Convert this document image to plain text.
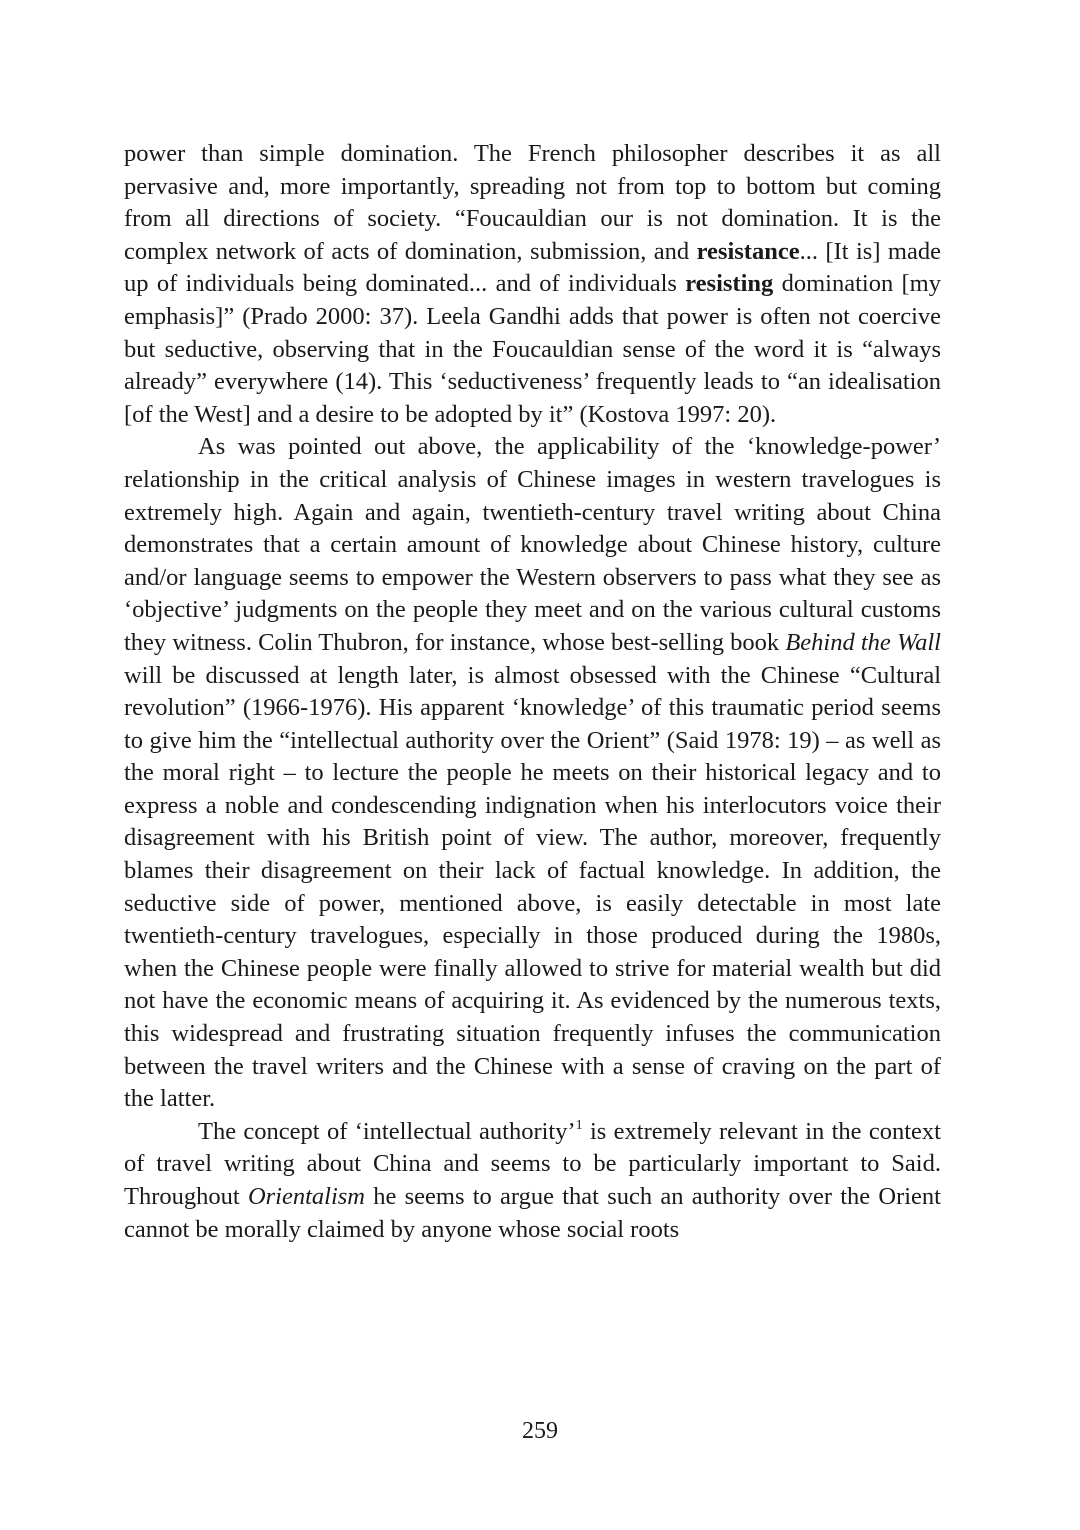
power than simple domination. The French philosopher describes it as all pervasive and, more importantly, spreading not from top to bottom but coming from all directions of society. “Foucauldian our is not domination. It is the complex network of acts of domination, submission, and resistance... [It is] made up of individuals being dominated... and of individuals resisting domination [my emphasis]” (Prado 2000: 37). Leela Gandhi adds that power is often not coercive but seductive, observing that in the Foucauldian sense of the word it is “always already” everywhere (14). This ‘seductiveness’ frequently leads to “an idealisation [of the West] and a desire to be adopted by it” (Kostova 1997: 20).

As was pointed out above, the applicability of the ‘knowledge-power’ relationship in the critical analysis of Chinese images in western travelogues is extremely high. Again and again, twentieth-century travel writing about China demonstrates that a certain amount of knowledge about Chinese history, culture and/or language seems to empower the Western observers to pass what they see as ‘objective’ judgments on the people they meet and on the various cultural customs they witness. Colin Thubron, for instance, whose best-selling book Behind the Wall will be discussed at length later, is almost obsessed with the Chinese “Cultural revolution” (1966-1976). His apparent ‘knowledge’ of this traumatic period seems to give him the “intellectual authority over the Orient” (Said 1978: 19) – as well as the moral right – to lecture the people he meets on their historical legacy and to express a noble and condescending indignation when his interlocutors voice their disagreement with his British point of view. The author, moreover, frequently blames their disagreement on their lack of factual knowledge. In addition, the seductive side of power, mentioned above, is easily detectable in most late twentieth-century travelogues, especially in those produced during the 1980s, when the Chinese people were finally allowed to strive for material wealth but did not have the economic means of acquiring it. As evidenced by the numerous texts, this widespread and frustrating situation frequently infuses the communication between the travel writers and the Chinese with a sense of craving on the part of the latter.

The concept of ‘intellectual authority’$^1$ is extremely relevant in the context of travel writing about China and seems to be particularly important to Said. Throughout Orientalism he seems to argue that such an authority over the Orient cannot be morally claimed by anyone whose social roots

259
